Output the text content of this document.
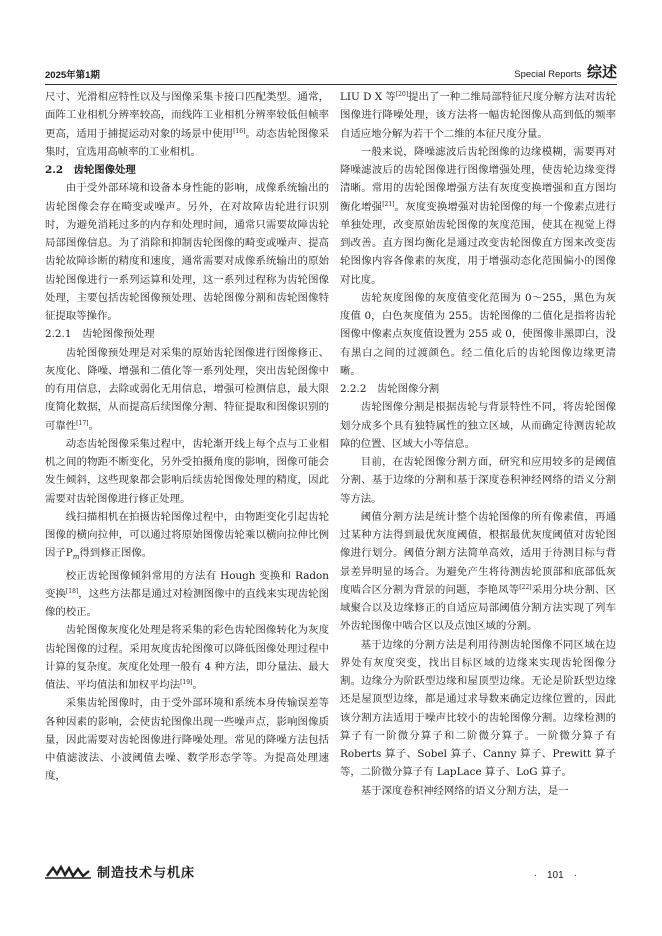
2025年第1期	Special Reports 综述

尺寸、光滑相应特性以及与图像采集卡接口匹配类型。通常，面阵工业相机分辨率较高，而线阵工业相机分辨率较低但帧率更高，适用于捕捉运动对象的场景中使用[16]。动态齿轮图像采集时，宜选用高帧率的工业相机。

2.2　齿轮图像处理

由于受外部环境和设备本身性能的影响，成像系统输出的齿轮图像会存在畸变或噪声。另外，在对故障齿轮进行识别时，为避免消耗过多的内存和处理时间，通常只需要故障齿轮局部图像信息。为了消除和抑制齿轮图像的畸变或噪声、提高齿轮故障诊断的精度和速度，通常需要对成像系统输出的原始齿轮图像进行一系列运算和处理，这一系列过程称为齿轮图像处理，主要包括齿轮图像预处理、齿轮图像分割和齿轮图像特征提取等操作。

2.2.1　齿轮图像预处理

齿轮图像预处理是对采集的原始齿轮图像进行图像修正、灰度化、降噪、增强和二值化等一系列处理，突出齿轮图像中的有用信息，去除或弱化无用信息，增强可检测信息，最大限度简化数据，从而提高后续图像分割、特征提取和图像识别的可靠性[17]。

动态齿轮图像采集过程中，齿轮渐开线上每个点与工业相机之间的物距不断变化，另外受拍摄角度的影响，图像可能会发生倾斜，这些现象都会影响后续齿轮图像处理的精度，因此需要对齿轮图像进行修正处理。

线扫描相机在拍摄齿轮图像过程中，由物距变化引起齿轮图像的横向拉伸，可以通过将原始图像齿轮乘以横向拉伸比例因子$P_m$得到修正图像。

校正齿轮图像倾斜常用的方法有 Hough 变换和 Radon 变换[18]，这些方法都是通过对检测图像中的直线来实现齿轮图像的校正。

齿轮图像灰度化处理是将采集的彩色齿轮图像转化为灰度齿轮图像的过程。采用灰度齿轮图像可以降低图像处理过程中计算的复杂度。灰度化处理一般有 4 种方法，即分量法、最大值法、平均值法和加权平均法[19]。

采集齿轮图像时，由于受外部环境和系统本身传输误差等各种因素的影响，会使齿轮图像出现一些噪声点，影响图像质量，因此需要对齿轮图像进行降噪处理。常见的降噪方法包括中值滤波法、小波阈值去噪、数学形态学等。为提高处理速度，

LIU D X 等[20]提出了一种二维局部特征尺度分解方法对齿轮图像进行降噪处理，该方法将一幅齿轮图像从高到低的频率自适应地分解为若干个二维的本征尺度分量。

一般来说，降噪滤波后齿轮图像的边缘模糊，需要再对降噪滤波后的齿轮图像进行图像增强处理，使齿轮边缘变得清晰。常用的齿轮图像增强方法有灰度变换增强和直方图均衡化增强[21]。灰度变换增强对齿轮图像的每一个像素点进行单独处理，改变原始齿轮图像的灰度范围，使其在视觉上得到改善。直方图均衡化是通过改变齿轮图像直方图来改变齿轮图像内容各像素的灰度，用于增强动态化范围偏小的图像对比度。

齿轮灰度图像的灰度值变化范围为 0～255，黑色为灰度值 0，白色灰度值为 255。齿轮图像的二值化是指将齿轮图像中像素点灰度值设置为 255 或 0，使图像非黑即白，没有黑白之间的过渡颜色。经二值化后的齿轮图像边缘更清晰。

2.2.2　齿轮图像分割

齿轮图像分割是根据齿轮与背景特性不同，将齿轮图像划分成多个具有独特属性的独立区域，从而确定待测齿轮故障的位置、区域大小等信息。

目前，在齿轮图像分割方面，研究和应用较多的是阈值分割、基于边缘的分割和基于深度卷积神经网络的语义分割等方法。

阈值分割方法是统计整个齿轮图像的所有像素值，再通过某种方法得到最优灰度阈值，根据最优灰度阈值对齿轮图像进行划分。阈值分割方法简单高效，适用于待测目标与背景差异明显的场合。为避免产生将待测齿轮顶部和底部低灰度啮合区分割为背景的问题，李艳凤等[22]采用分块分割、区域聚合以及边缘修正的自适应局部阈值分割方法实现了列车外齿轮图像中啮合区以及点蚀区域的分割。

基于边缘的分割方法是利用待测齿轮图像不同区域在边界处有灰度突变，找出目标区域的边缘来实现齿轮图像分割。边缘分为阶跃型边缘和屋顶型边缘。无论是阶跃型边缘还是屋顶型边缘，都是通过求导数来确定边缘位置的，因此该分割方法适用于噪声比较小的齿轮图像分割。边缘检测的算子有一阶微分算子和二阶微分算子。一阶微分算子有 Roberts 算子、Sobel 算子、Canny 算子、Prewitt 算子等，二阶微分算子有 LapLace 算子、LoG 算子。

基于深度卷积神经网络的语义分割方法，是一

制造技术与机床	·　101　·
